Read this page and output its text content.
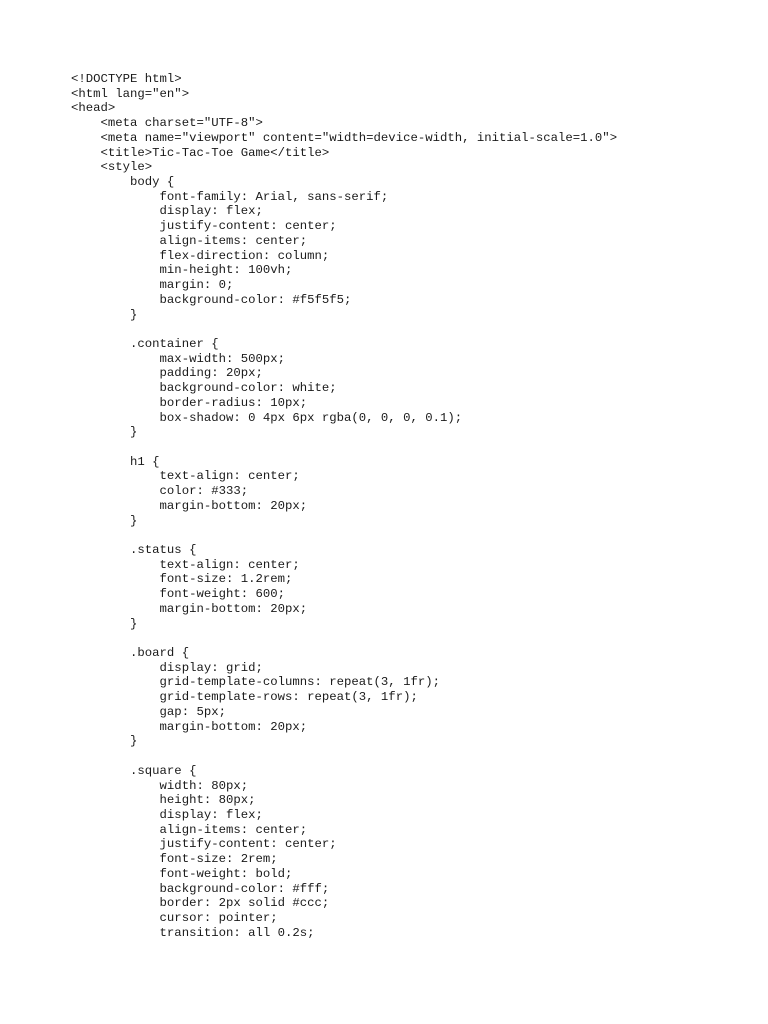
<!DOCTYPE html>
<html lang="en">
<head>
<meta charset="UTF-8">
<meta name="viewport" content="width=device-width, initial-scale=1.0">
<title>Tic-Tac-Toe Game</title>
<style>
body {
font-family: Arial, sans-serif;
display: flex;
justify-content: center;
align-items: center;
flex-direction: column;
min-height: 100vh;
margin: 0;
background-color: #f5f5f5;
}
.container {
max-width: 500px;
padding: 20px;
background-color: white;
border-radius: 10px;
box-shadow: 0 4px 6px rgba(0, 0, 0, 0.1);
}
h1 {
text-align: center;
color: #333;
margin-bottom: 20px;
}
.status {
text-align: center;
font-size: 1.2rem;
font-weight: 600;
margin-bottom: 20px;
}
.board {
display: grid;
grid-template-columns: repeat(3, 1fr);
grid-template-rows: repeat(3, 1fr);
gap: 5px;
margin-bottom: 20px;
}
.square {
width: 80px;
height: 80px;
display: flex;
align-items: center;
justify-content: center;
font-size: 2rem;
font-weight: bold;
background-color: #fff;
border: 2px solid #ccc;
cursor: pointer;
transition: all 0.2s;
